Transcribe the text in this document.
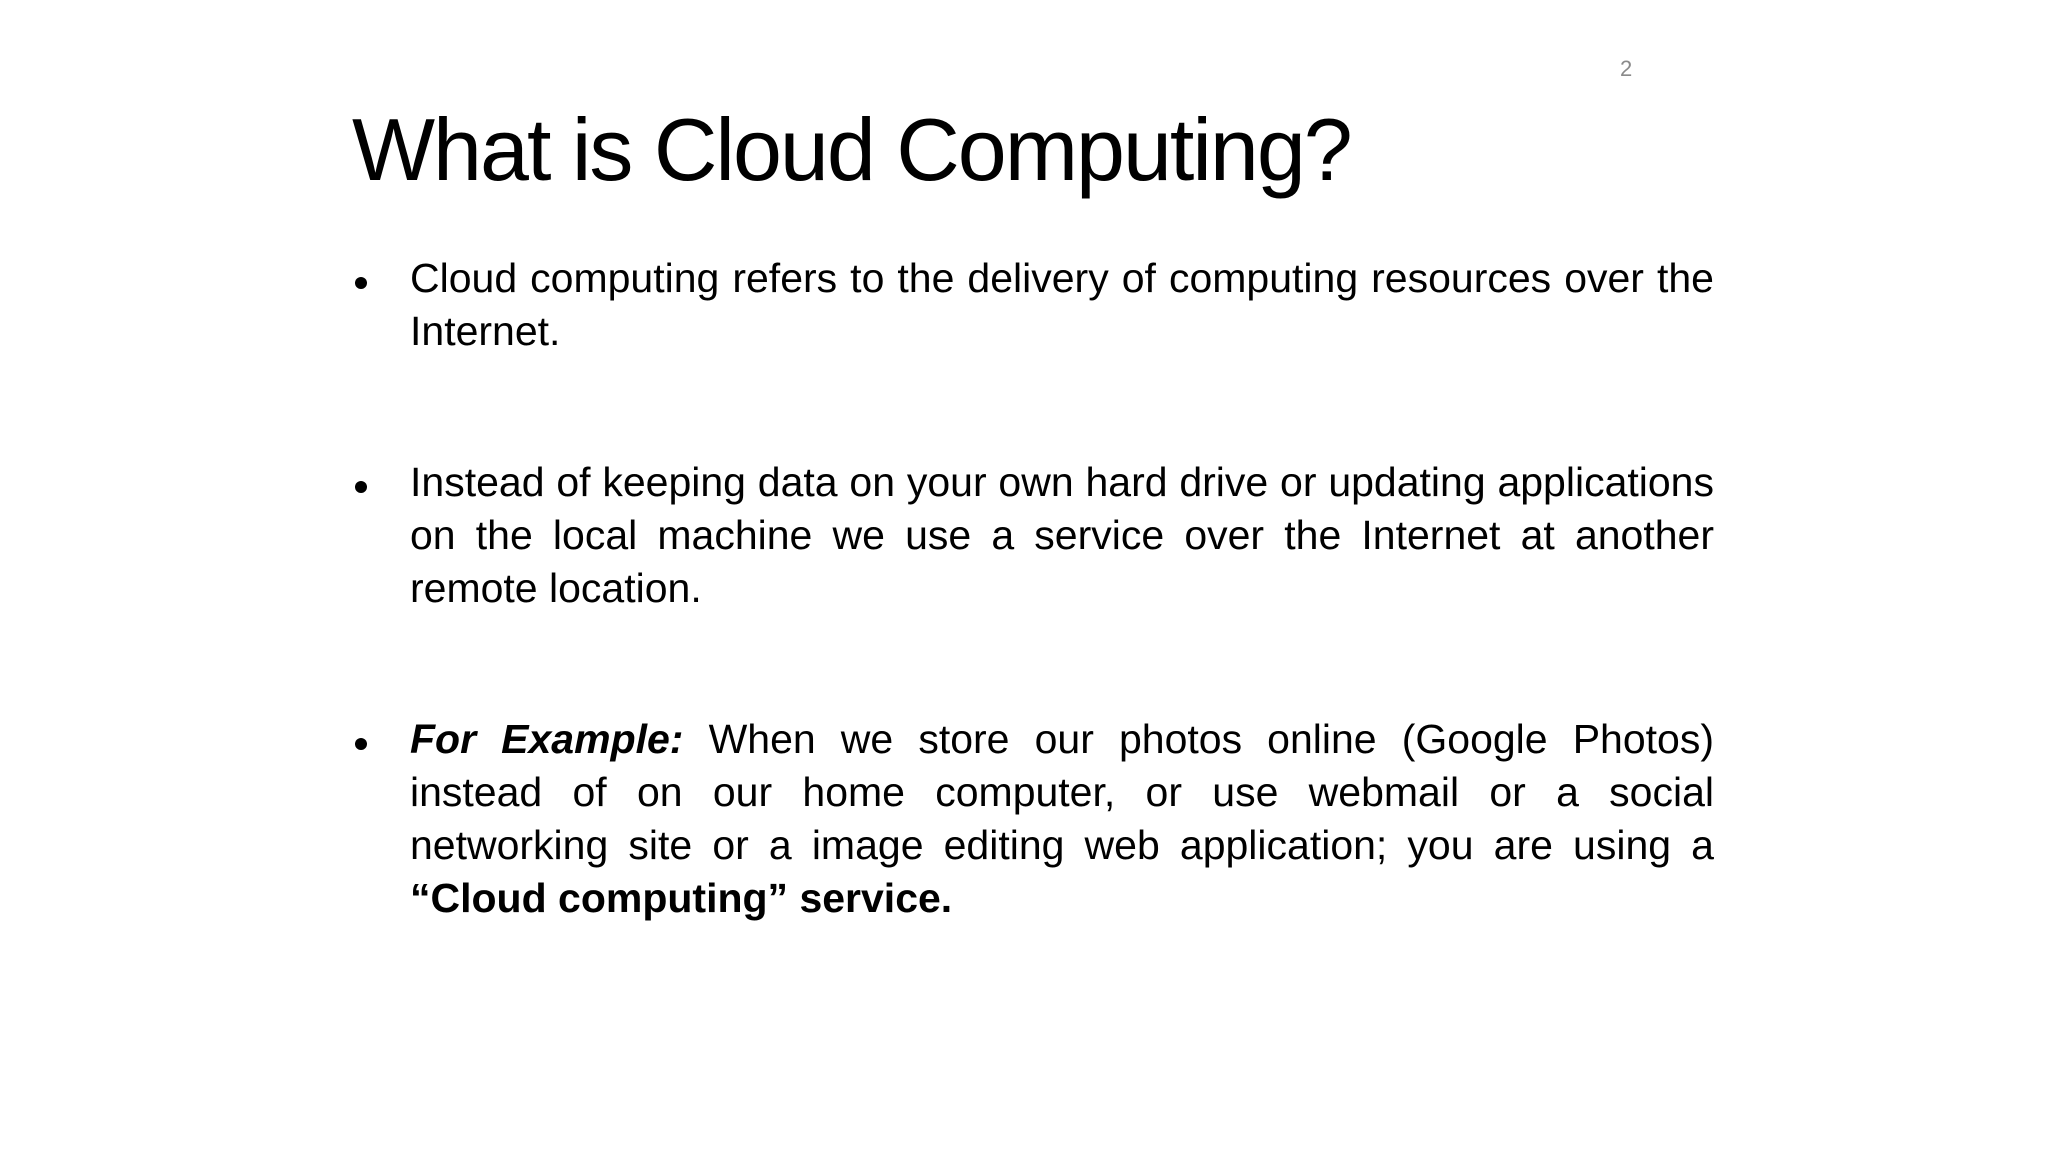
2
What is Cloud Computing?
Cloud computing refers to the delivery of computing resources over the Internet.
Instead of keeping data on your own hard drive or updating applications on the local machine we use a service over the Internet at another remote location.
For Example: When we store our photos online (Google Photos) instead of on our home computer, or use webmail or a social networking site or a image editing web application; you are using a “Cloud computing” service.
